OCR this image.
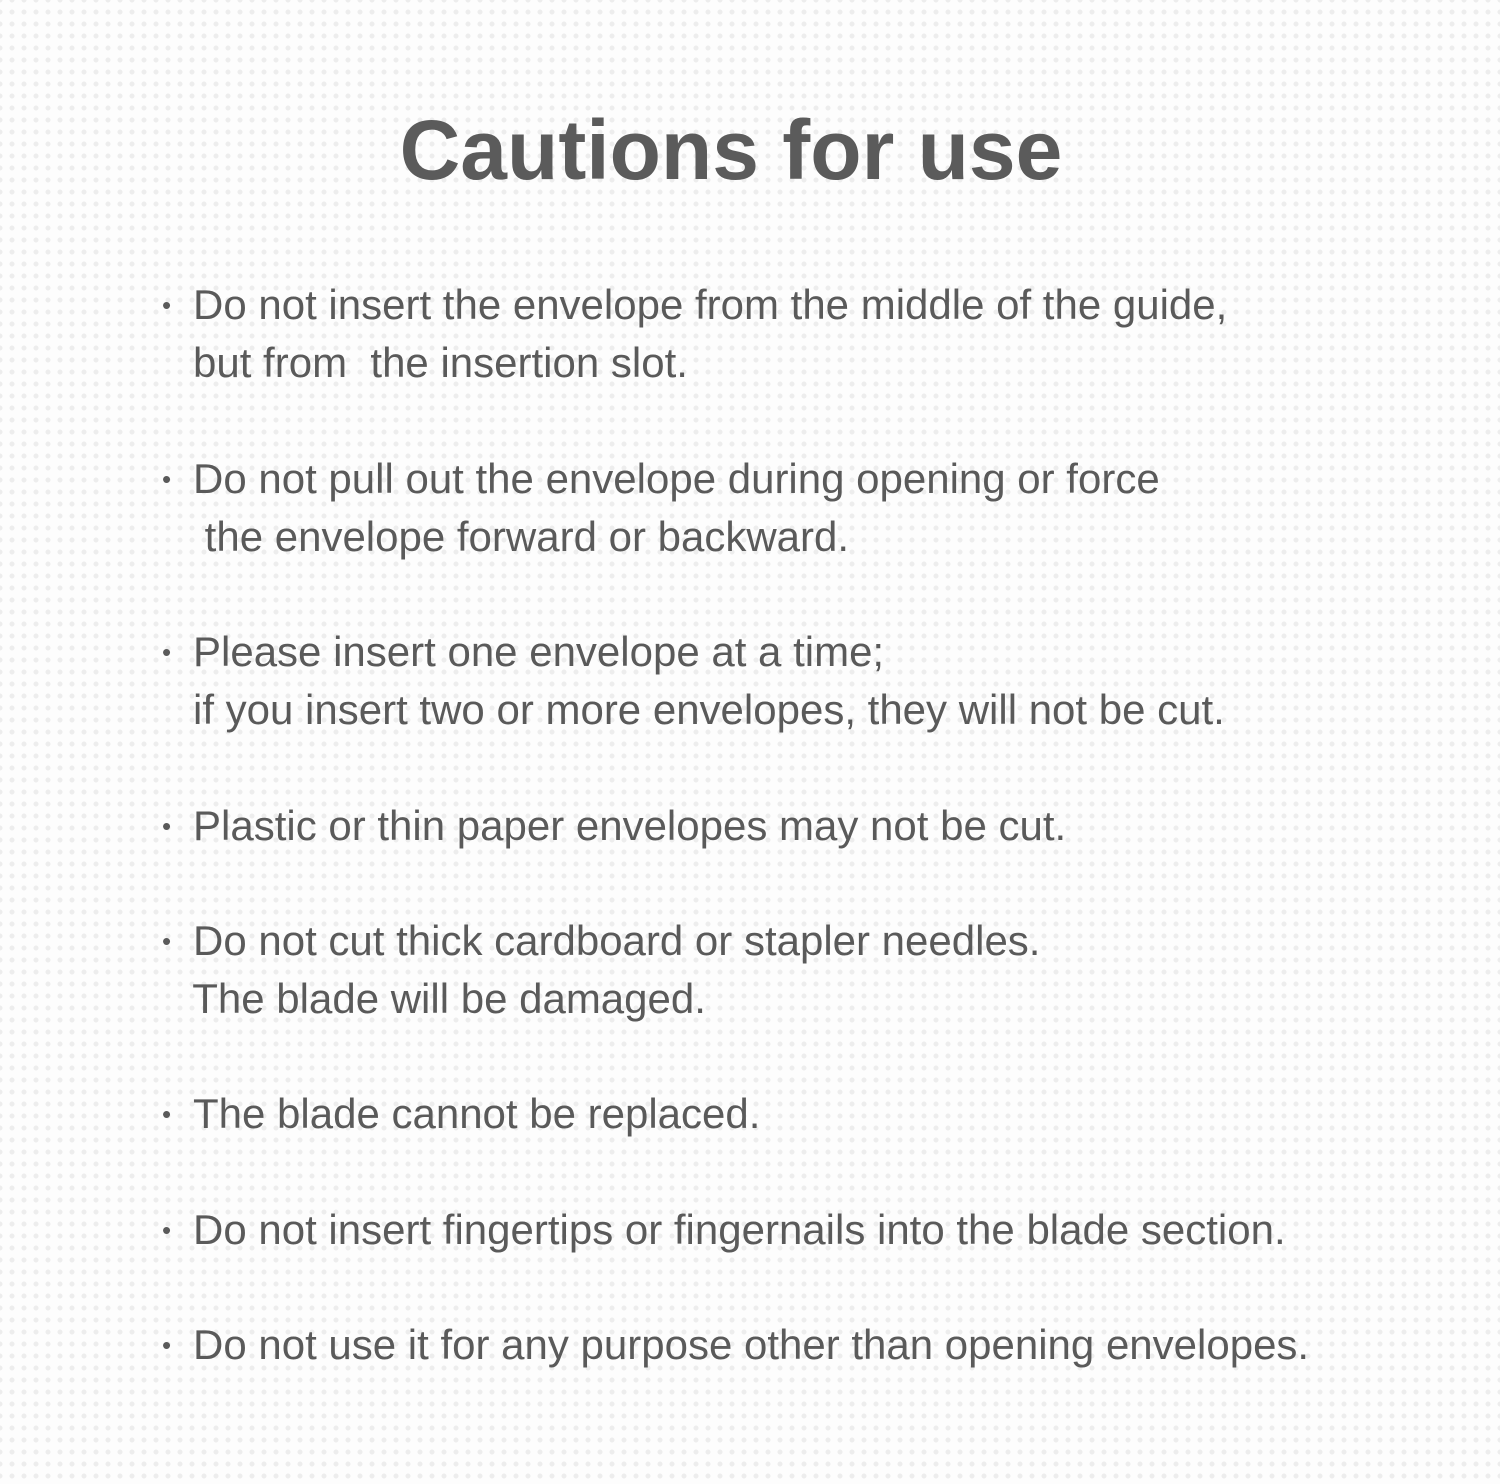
Cautions for use
• Do not insert the envelope from the middle of the guide,
but from  the insertion slot.
• Do not pull out the envelope during opening or force
the envelope forward or backward.
• Please insert one envelope at a time;
if you insert two or more envelopes, they will not be cut.
• Plastic or thin paper envelopes may not be cut.
• Do not cut thick cardboard or stapler needles.
The blade will be damaged.
• The blade cannot be replaced.
• Do not insert fingertips or fingernails into the blade section.
• Do not use it for any purpose other than opening envelopes.
